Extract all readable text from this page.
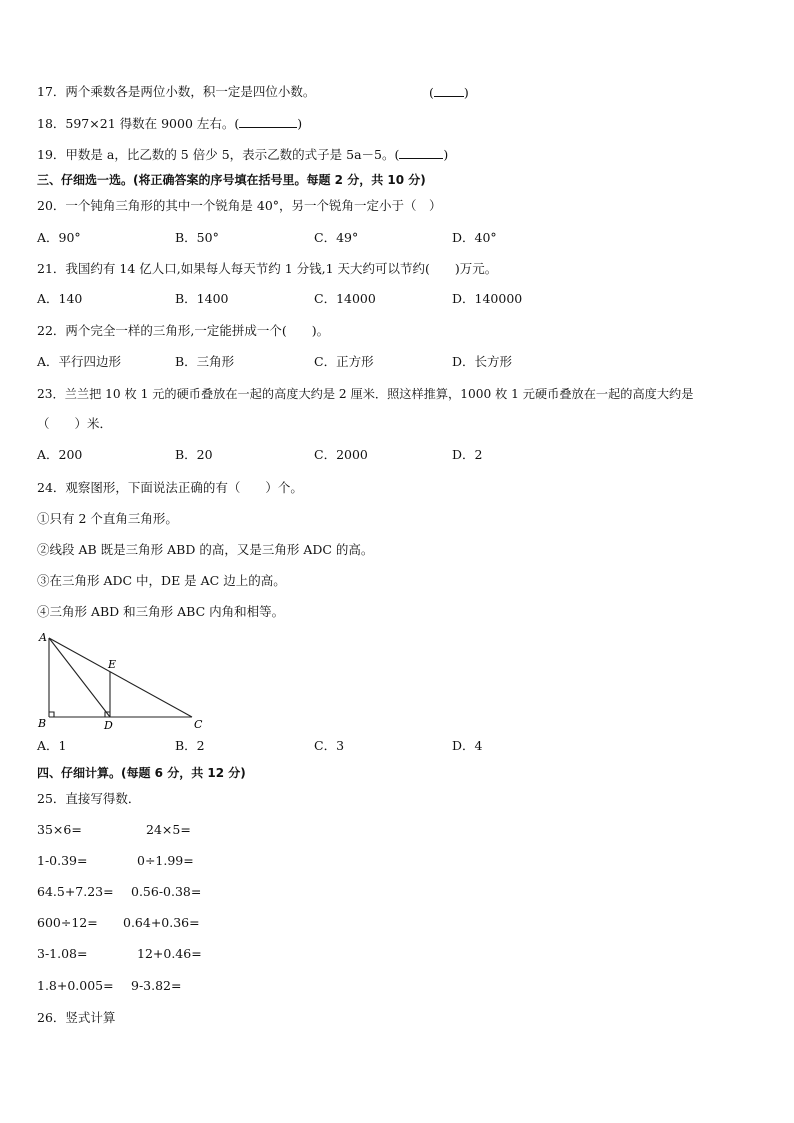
17．两个乘数各是两位小数，积一定是四位小数。	( )
18．597×21 得数在 9000 左右。(	)
19．甲数是 a，比乙数的 5 倍少 5，表示乙数的式子是 5a－5。(	)
三、仔细选一选。(将正确答案的序号填在括号里。每题 2 分，共 10 分)
20．一个钝角三角形的其中一个锐角是 40°，另一个锐角一定小于（　）
A．90°	B．50°	C．49°	D．40°
21．我国约有 14 亿人口,如果每人每天节约 1 分钱,1 天大约可以节约(　　)万元。
A．140	B．1400	C．14000	D．140000
22．两个完全一样的三角形,一定能拼成一个(　　)。
A．平行四边形	B．三角形	C．正方形	D．长方形
23．兰兰把 10 枚 1 元的硬币叠放在一起的高度大约是 2 厘米．照这样推算，1000 枚 1 元硬币叠放在一起的高度大约是
（　　）米．
A．200	B．20	C．2000	D．2
24．观察图形，下面说法正确的有（　　）个。
①只有 2 个直角三角形。
②线段 AB 既是三角形 ABD 的高，又是三角形 ADC 的高。
③在三角形 ADC 中，DE 是 AC 边上的高。
④三角形 ABD 和三角形 ABC 内角和相等。
A
B	C
D
E
A．1	B．2	C．3	D．4
四、仔细计算。(每题 6 分，共 12 分)
25．直接写得数．
35×6=	24×5=
1-0.39=	0÷1.99=
64.5+7.23= 0.56-0.38=
600÷12= 0.64+0.36=
3-1.08=	12+0.46=
1.8+0.005= 9-3.82=
26．竖式计算
